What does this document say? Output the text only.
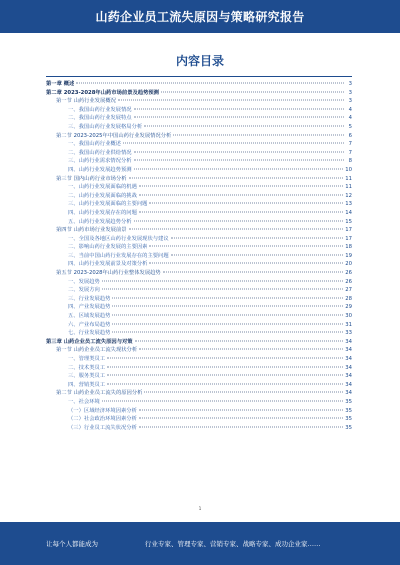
山药企业员工流失原因与策略研究报告
内容目录
第一章 概述	3
第二章 2023-2028年山药市场前景及趋势预测	3
第一节 山药行业发展概况	3
一、我国山药行业发展情况	4
二、我国山药行业发展特点	4
三、我国山药行业发展格局分析	5
第二节 2023-2025年中国山药行业发展情况分析	6
一、我国山药行业概述	7
二、我国山药行业供给情况	7
三、山药行业需求情况分析	8
四、山药行业发展趋势预测	10
第三节 国内山药行业市场分析	11
一、山药行业发展面临的机遇	11
二、山药行业发展面临的挑战	12
三、山药行业发展面临的主要问题	13
四、山药行业发展存在的问题	14
五、山药行业发展趋势分析	15
第四节 山药市场行业发展前景	17
一、全国及各地区山药行业发展现状与建议	17
二、影响山药行业发展的主要因素	18
三、当前中国山药行业发展存在的主要问题	19
四、山药行业发展前景及对策分析	20
第五节 2023-2028年山药行业整体发展趋势	26
一、发展趋势	26
二、发展方向	27
三、行业发展趋势	28
四、产业发展趋势	29
五、区域发展趋势	30
六、产业布局趋势	31
七、行业发展趋势	33
第三章 山药企业员工流失原因与对策	34
第一节 山药企业员工流失现状分析	34
一、管理类员工	34
二、技术类员工	34
三、服务类员工	34
四、营销类员工	34
第二节 山药企业员工流失的原因分析	34
一、社会环境	35
（一）区域经济环境因素分析	35
（二）社会政治环境因素分析	35
（三）行业员工流失状况分析	35
1
让每个人都能成为	行业专家、管理专家、营销专家、战略专家、成功企业家……
